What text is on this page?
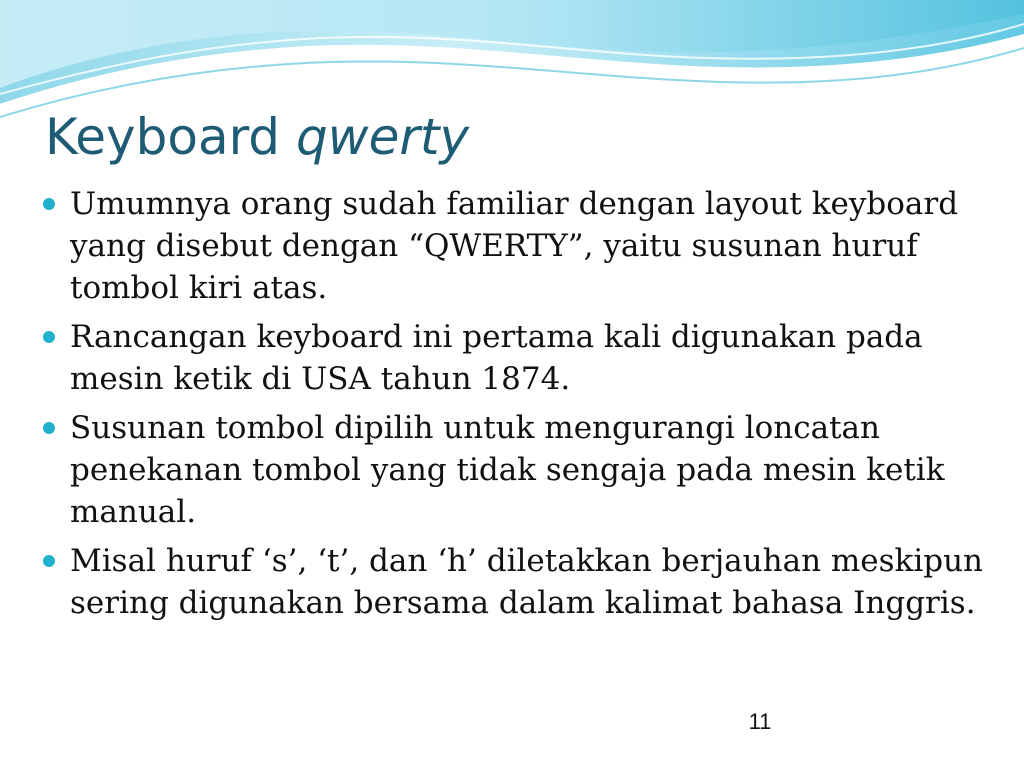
Keyboard qwerty
Umumnya orang sudah familiar dengan layout keyboard yang disebut dengan “QWERTY”, yaitu susunan huruf tombol kiri atas.
Rancangan keyboard ini pertama kali digunakan pada mesin ketik di USA tahun 1874.
Susunan tombol dipilih untuk mengurangi loncatan penekanan tombol yang tidak sengaja pada mesin ketik manual.
Misal huruf ‘s’, ‘t’, dan ‘h’ diletakkan berjauhan meskipun sering digunakan bersama dalam kalimat bahasa Inggris.
11
